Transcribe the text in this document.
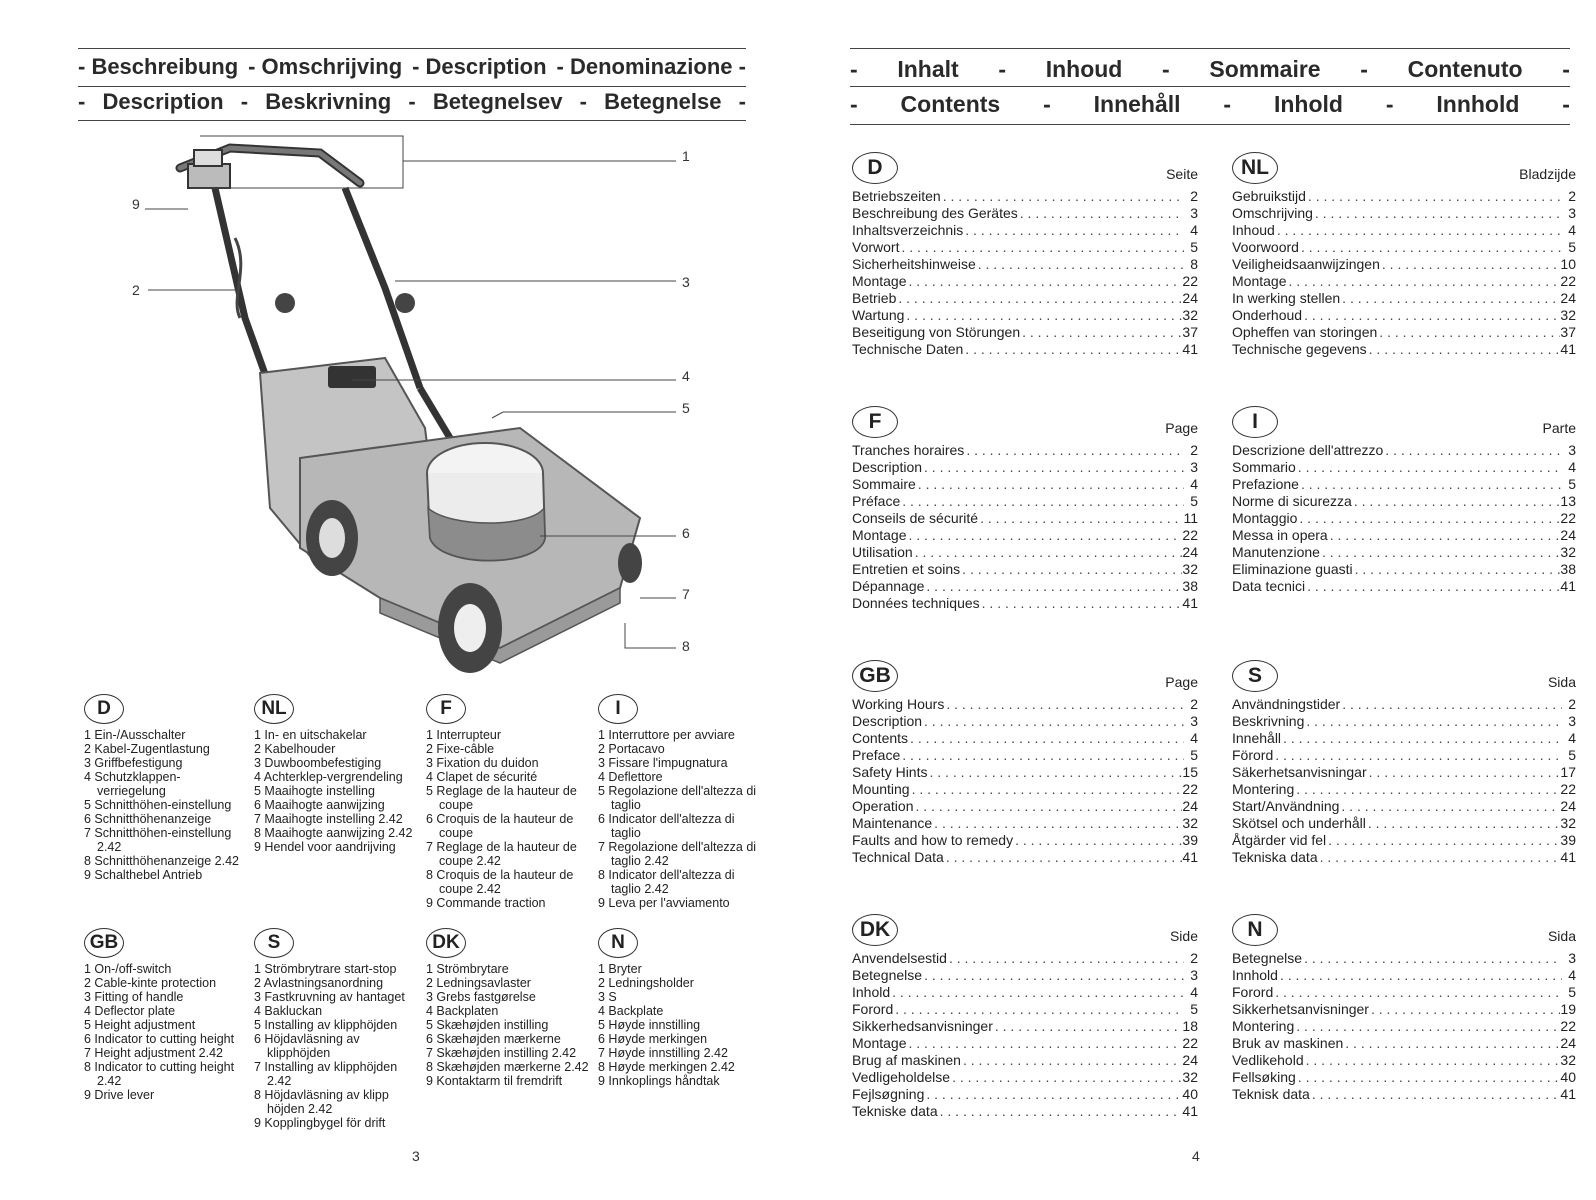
- Beschreibung - Omschrijving - Description - Denominazione -
- Description - Beskrivning - Betegnelsev - Betegnelse -
1
2	3
4
5
6
7
8
9
D
1 Ein-/Ausschalter
2 Kabel-Zugentlastung
3 Griffbefestigung
4 Schutzklappen-verriegelung
5 Schnitthöhen-einstellung
6 Schnitthöhenanzeige
7 Schnitthöhen-einstellung 2.42
8 Schnitthöhenanzeige 2.42
9 Schalthebel Antrieb
NL
1 In- en uitschakelar
2 Kabelhouder
3 Duwboombefestiging
4 Achterklep-vergrendeling
5 Maaihogte instelling
6 Maaihogte aanwijzing
7 Maaihogte instelling 2.42
8 Maaihogte aanwijzing 2.42
9 Hendel voor aandrijving
F
1 Interrupteur
2 Fixe-câble
3 Fixation du duidon
4 Clapet de sécurité
5 Reglage de la hauteur de coupe
6 Croquis de la hauteur de coupe
7 Reglage de la hauteur de coupe 2.42
8 Croquis de la hauteur de coupe 2.42
9 Commande traction
I
1 Interruttore per avviare
2 Portacavo
3 Fissare l'impugnatura
4 Deflettore
5 Regolazione dell'altezza di taglio
6 Indicator dell'altezza di taglio
7 Regolazione dell'altezza di taglio 2.42
8 Indicator dell'altezza di taglio 2.42
9 Leva per l'avviamento
GB
1 On-/off-switch
2 Cable-kinte protection
3 Fitting of handle
4 Deflector plate
5 Height adjustment
6 Indicator to cutting height
7 Height adjustment 2.42
8 Indicator to cutting height 2.42
9 Drive lever
S
1 Strömbrytrare start-stop
2 Avlastningsanordning
3 Fastkruvning av hantaget
4 Bakluckan
5 Installing av klipphöjden
6 Höjdavläsning av klipphöjden
7 Installing av klipphöjden 2.42
8 Höjdavläsning av klipp höjden 2.42
9 Kopplingbygel för drift
DK
1 Strömbrytare
2 Ledningsavlaster
3 Grebs fastgørelse
4 Backplaten
5 Skæhøjden instilling
6 Skæhøjden mærkerne
7 Skæhøjden instilling 2.42
8 Skæhøjden mærkerne 2.42
9 Kontaktarm til fremdrift
N
1 Bryter
2 Ledningsholder
3 S
4 Backplate
5 Høyde innstilling
6 Høyde merkingen
7 Høyde innstilling 2.42
8 Høyde merkingen 2.42
9 Innkoplings håndtak
3
- Inhalt - Inhoud - Sommaire - Contenuto -
- Contents - Innehåll - Inhold - Innhold -
D	Seite
Betriebszeiten . . .	2
Beschreibung des Gerätes . . .	3
Inhaltsverzeichnis . . .	4
Vorwort . . .	5
Sicherheitshinweise . . .	8
Montage . . .	22
Betrieb . . .	24
Wartung . . .	32
Beseitigung von Störungen . . .	37
Technische Daten . . .	41
NL	Bladzijde
Gebruikstijd . . .	2
Omschrijving . . .	3
Inhoud . . .	4
Voorwoord . . .	5
Veiligheidsaanwijzingen . . .	10
Montage . . .	22
In werking stellen . . .	24
Onderhoud . . .	32
Opheffen van storingen . . .	37
Technische gegevens . . .	41
F	Page
Tranches horaires . . .	2
Description . . .	3
Sommaire . . .	4
Préface . . .	5
Conseils de sécurité . . .	11
Montage . . .	22
Utilisation . . .	24
Entretien et soins . . .	32
Dépannage . . .	38
Données techniques . . .	41
I	Parte
Descrizione dell'attrezzo . . .	3
Sommario . . .	4
Prefazione . . .	5
Norme di sicurezza . . .	13
Montaggio . . .	22
Messa in opera . . .	24
Manutenzione . . .	32
Eliminazione guasti . . .	38
Data tecnici . . .	41
GB	Page
Working Hours . . .	2
Description . . .	3
Contents . . .	4
Preface . . .	5
Safety Hints . . .	15
Mounting . . .	22
Operation . . .	24
Maintenance . . .	32
Faults and how to remedy . . .	39
Technical Data . . .	41
S	Sida
Användningstider . . .	2
Beskrivning . . .	3
Innehåll . . .	4
Förord . . .	5
Säkerhetsanvisningar . . .	17
Montering . . .	22
Start/Användning . . .	24
Skötsel och underhåll . . .	32
Åtgärder vid fel . . .	39
Tekniska data . . .	41
DK	Side
Anvendelsestid . . .	2
Betegnelse . . .	3
Inhold . . .	4
Forord . . .	5
Sikkerhedsanvisninger . . .	18
Montage . . .	22
Brug af maskinen . . .	24
Vedligeholdelse . . .	32
Fejlsøgning . . .	40
Tekniske data . . .	41
N	Sida
Betegnelse . . .	3
Innhold . . .	4
Forord . . .	5
Sikkerhetsanvisninger . . .	19
Montering . . .	22
Bruk av maskinen . . .	24
Vedlikehold . . .	32
Fellsøking . . .	40
Teknisk data . . .	41
4
